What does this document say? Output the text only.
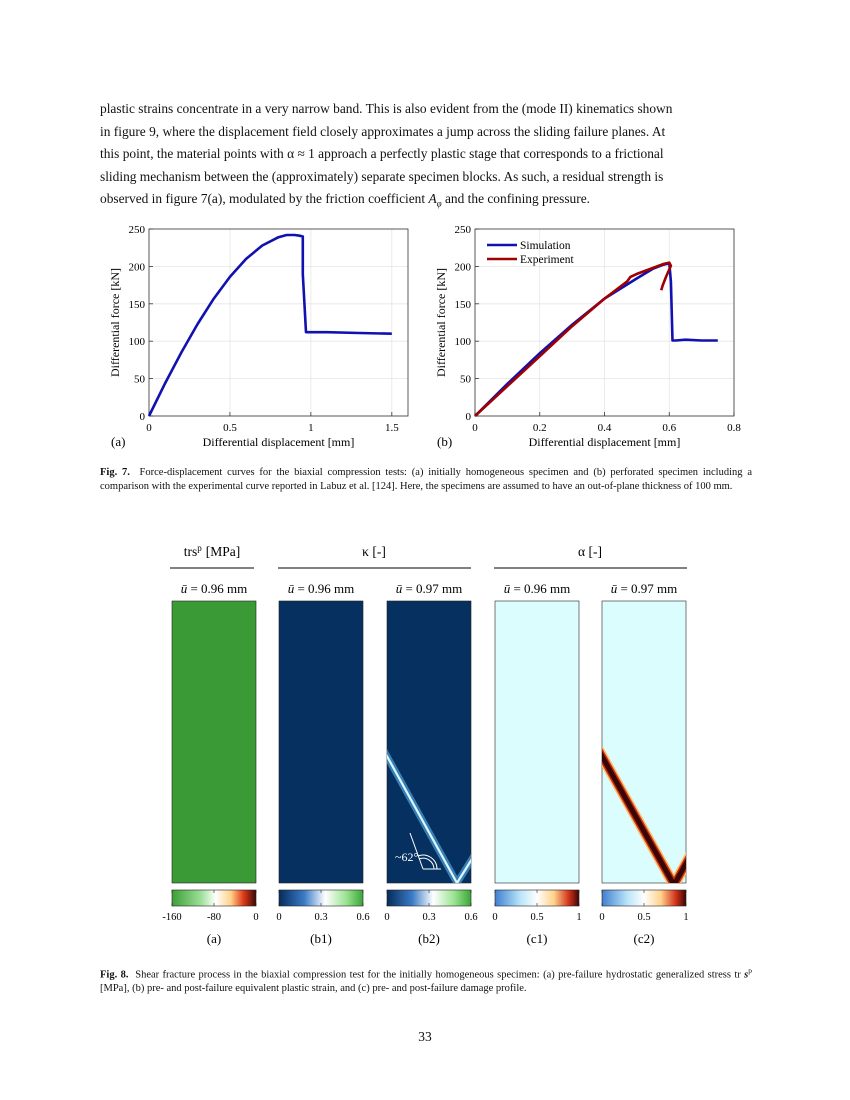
plastic strains concentrate in a very narrow band. This is also evident from the (mode II) kinematics shown
in figure 9, where the displacement field closely approximates a jump across the sliding failure planes. At
this point, the material points with α ≈ 1 approach a perfectly plastic stage that corresponds to a frictional
sliding mechanism between the (approximately) separate specimen blocks. As such, a residual strength is
observed in figure 7(a), modulated by the friction coefficient $A_\varphi$ and the confining pressure.
0	0.5	1	1.5
0
50
100
150
200
250
Differential displacement [mm]
Differential force [kN]
(a)
0	0.2	0.4	0.6	0.8
0
50
100
150
200
250
Differential displacement [mm]
Differential force [kN]
(b)
Simulation
Experiment
Fig. 7. Force-displacement curves for the biaxial compression tests: (a) initially homogeneous specimen and (b) perforated specimen including a comparison with the experimental curve reported in Labuz et al. [124]. Here, the specimens are assumed to have an out-of-plane thickness of 100 mm.
trs$^p$ [MPa]	κ [-]	α [-]
ū = 0.96 mm
-160 -80	0
(a)
ū = 0.96 mm
0	0.3	0.6
(b1)
ū = 0.97 mm
~62°
0	0.3	0.6
(b2)
ū = 0.96 mm
0	0.5	1
(c1)
ū = 0.97 mm
0	0.5	1
(c2)
Fig. 8. Shear fracture process in the biaxial compression test for the initially homogeneous specimen: (a) pre-failure hydrostatic generalized stress tr $s^p$ [MPa], (b) pre- and post-failure equivalent plastic strain, and (c) pre- and post-failure damage profile.
33
